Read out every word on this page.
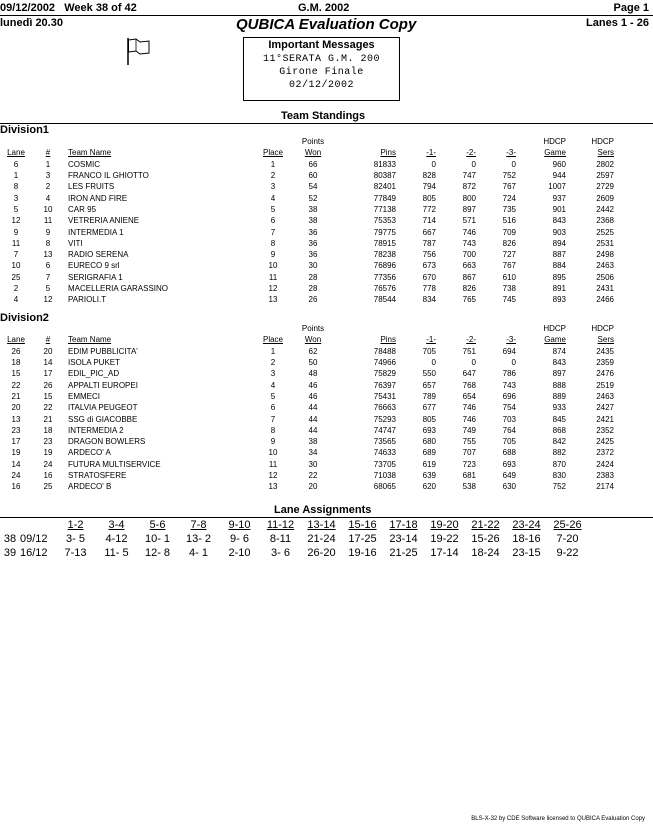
09/12/2002 Week 38 of 42	G.M. 2002	Page 1
lunedì 20.30	QUBICA Evaluation Copy	Lanes 1 - 26
Important Messages
11°SERATA G.M. 200
Girone Finale
02/12/2002
Team Standings
Division1
				Points					HDCP	HDCP
Lane	#	Team Name	Place	Won	Pins	-1-	-2-	-3-	Game	Sers
6	1	COSMIC	1	66	81833	0	0	0	960	2802
1	3	FRANCO IL GHIOTTO	2	60	80387	828	747	752	944	2597
8	2	LES FRUITS	3	54	82401	794	872	767	1007	2729
3	4	IRON AND FIRE	4	52	77849	805	800	724	937	2609
5	10	CAR 95	5	38	77138	772	897	735	901	2442
12	11	VETRERIA ANIENE	6	38	75353	714	571	516	843	2368
9	9	INTERMEDIA 1	7	36	79775	667	746	709	903	2525
11	8	VITI	8	36	78915	787	743	826	894	2531
7	13	RADIO SERENA	9	36	78238	756	700	727	887	2498
10	6	EURECO 9 srl	10	30	76896	673	663	767	884	2463
25	7	SERIGRAFIA 1	11	28	77356	670	867	610	895	2506
2	5	MACELLERIA GARASSINO	12	28	76576	778	826	738	891	2431
4	12	PARIOLI.T	13	26	78544	834	765	745	893	2466
Division2
				Points					HDCP	HDCP
Lane	#	Team Name	Place	Won	Pins	-1-	-2-	-3-	Game	Sers
26	20	EDIM PUBBLICITA'	1	62	78488	705	751	694	874	2435
18	14	ISOLA PUKET	2	50	74966	0	0	0	843	2359
15	17	EDIL_PIC_AD	3	48	75829	550	647	786	897	2476
22	26	APPALTI EUROPEI	4	46	76397	657	768	743	888	2519
21	15	EMMECI	5	46	75431	789	654	696	889	2463
20	22	ITALVIA PEUGEOT	6	44	76663	677	746	754	933	2427
13	21	SSG di GIACOBBE	7	44	75293	805	746	703	845	2421
23	18	INTERMEDIA 2	8	44	74747	693	749	764	868	2352
17	23	DRAGON BOWLERS	9	38	73565	680	755	705	842	2425
19	19	ARDECO' A	10	34	74633	689	707	688	882	2372
14	24	FUTURA MULTISERVICE	11	30	73705	619	723	693	870	2424
24	16	STRATOSFERE	12	22	71038	639	681	649	830	2383
16	25	ARDECO' B	13	20	68065	620	538	630	752	2174
Lane Assignments
		1-2	3-4	5-6	7-8	9-10	11-12	13-14	15-16	17-18	19-20	21-22	23-24	25-26
38	09/12	3- 5	4-12	10- 1	13- 2	9- 6	8-11	21-24	17-25	23-14	19-22	15-26	18-16	7-20
39	16/12	7-13	11- 5	12- 8	4- 1	2-10	3- 6	26-20	19-16	21-25	17-14	18-24	23-15	9-22
BLS-X-32 by CDE Software licensed to QUBICA Evaluation Copy
